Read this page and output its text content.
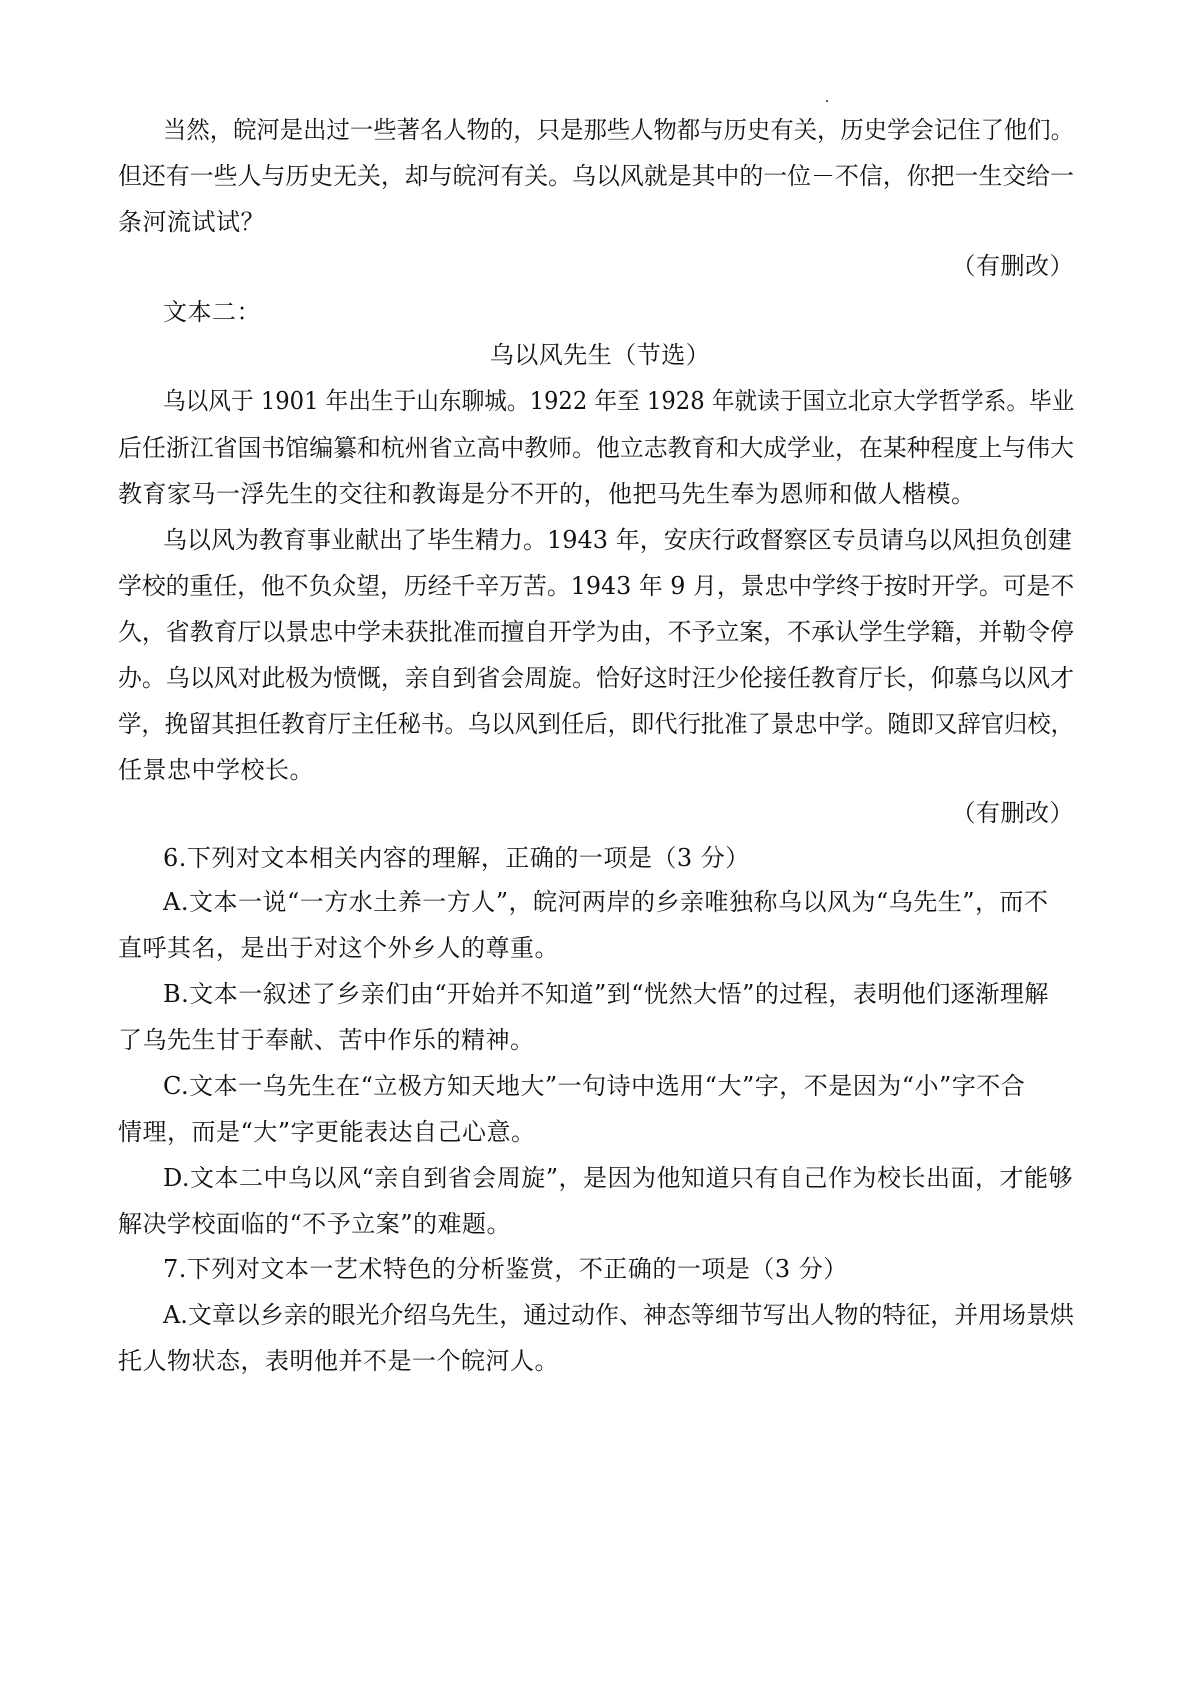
当然，皖河是出过一些著名人物的，只是那些人物都与历史有关，历史学会记住了他们。
但还有一些人与历史无关，却与皖河有关。乌以风就是其中的一位－不信，你把一生交给一
条河流试试？
（有删改）
文本二：
乌以风先生（节选）
乌以风于 1901 年出生于山东聊城。1922 年至 1928 年就读于国立北京大学哲学系。毕业
后任浙江省国书馆编纂和杭州省立高中教师。他立志教育和大成学业，在某种程度上与伟大
教育家马一浮先生的交往和教诲是分不开的，他把马先生奉为恩师和做人楷模。
乌以风为教育事业献出了毕生精力。1943 年，安庆行政督察区专员请乌以风担负创建
学校的重任，他不负众望，历经千辛万苦。1943 年 9 月，景忠中学终于按时开学。可是不
久，省教育厅以景忠中学未获批准而擅自开学为由，不予立案，不承认学生学籍，并勒令停
办。乌以风对此极为愤慨，亲自到省会周旋。恰好这时汪少伦接任教育厅长，仰慕乌以风才
学，挽留其担任教育厅主任秘书。乌以风到任后，即代行批准了景忠中学。随即又辞官归校，
任景忠中学校长。
（有删改）
6.下列对文本相关内容的理解，正确的一项是（3 分）
A.文本一说“一方水土养一方人”，皖河两岸的乡亲唯独称乌以风为“乌先生”，而不
直呼其名，是出于对这个外乡人的尊重。
B.文本一叙述了乡亲们由“开始并不知道”到“恍然大悟”的过程，表明他们逐渐理解
了乌先生甘于奉献、苦中作乐的精神。
C.文本一乌先生在“立极方知天地大”一句诗中选用“大”字，不是因为“小”字不合
情理，而是“大”字更能表达自己心意。
D.文本二中乌以风“亲自到省会周旋”，是因为他知道只有自己作为校长出面，才能够
解决学校面临的“不予立案”的难题。
7.下列对文本一艺术特色的分析鉴赏，不正确的一项是（3 分）
A.文章以乡亲的眼光介绍乌先生，通过动作、神态等细节写出人物的特征，并用场景烘
托人物状态，表明他并不是一个皖河人。
